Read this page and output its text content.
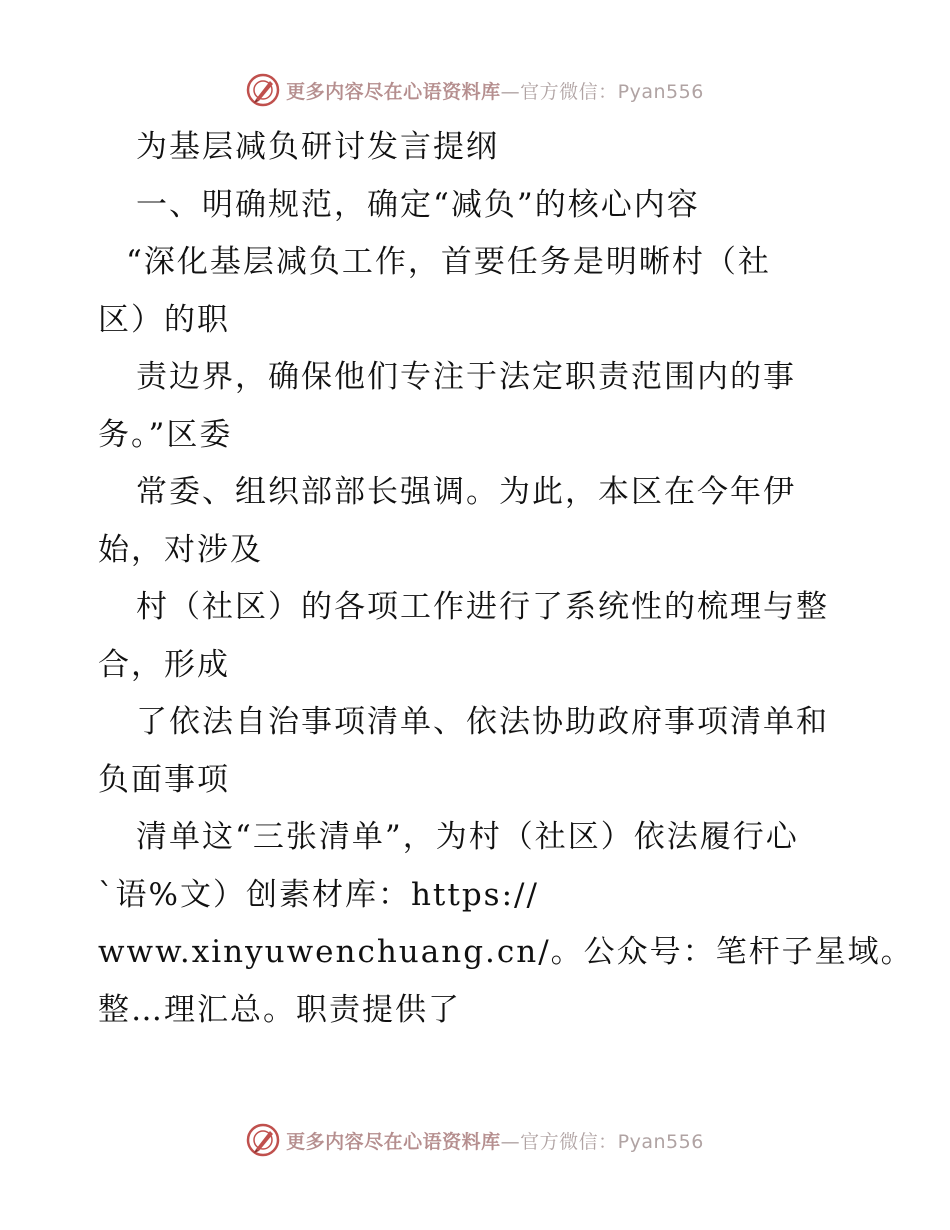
更多内容尽在心语资料库—官方微信：Pyan556
为基层减负研讨发言提纲
一、明确规范，确定“减负”的核心内容
“深化基层减负工作，首要任务是明晰村（社
区）的职
责边界，确保他们专注于法定职责范围内的事
务。”区委
常委、组织部部长强调。为此，本区在今年伊
始，对涉及
村（社区）的各项工作进行了系统性的梳理与整
合，形成
了依法自治事项清单、依法协助政府事项清单和
负面事项
清单这“三张清单”，为村（社区）依法履行心
`语%文）创素材库：https://
www.xinyuwenchuang.cn/。公众号：笔杆子星域。
整…理汇总。职责提供了
更多内容尽在心语资料库—官方微信：Pyan556
